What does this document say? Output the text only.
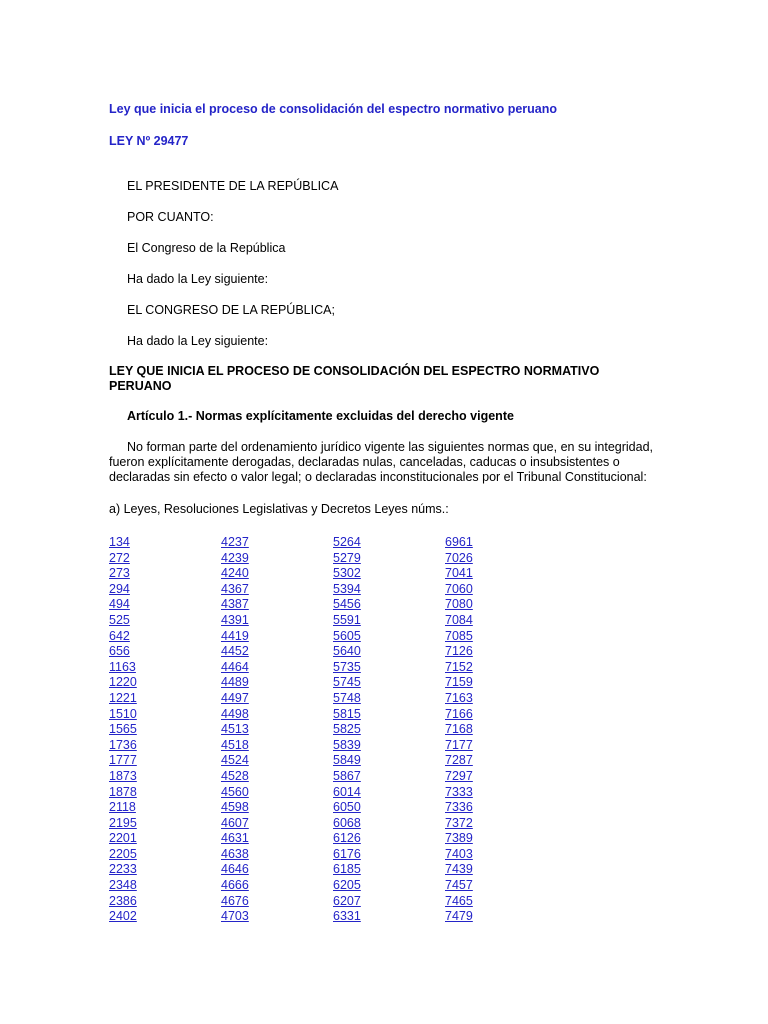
Ley que inicia el proceso de consolidación del espectro normativo peruano
LEY Nº 29477
EL PRESIDENTE DE LA REPÚBLICA
POR CUANTO:
El Congreso de la República
Ha dado la Ley siguiente:
EL CONGRESO DE LA REPÚBLICA;
Ha dado la Ley siguiente:
LEY QUE INICIA EL PROCESO DE CONSOLIDACIÓN DEL ESPECTRO NORMATIVO PERUANO
Artículo 1.- Normas explícitamente excluidas del derecho vigente
No forman parte del ordenamiento jurídico vigente las siguientes normas que, en su integridad, fueron explícitamente derogadas, declaradas nulas, canceladas, caducas o insubsistentes o declaradas sin efecto o valor legal; o declaradas inconstitucionales por el Tribunal Constitucional:
a) Leyes, Resoluciones Legislativas y Decretos Leyes núms.:
134	4237	5264	6961
272	4239	5279	7026
273	4240	5302	7041
294	4367	5394	7060
494	4387	5456	7080
525	4391	5591	7084
642	4419	5605	7085
656	4452	5640	7126
1163	4464	5735	7152
1220	4489	5745	7159
1221	4497	5748	7163
1510	4498	5815	7166
1565	4513	5825	7168
1736	4518	5839	7177
1777	4524	5849	7287
1873	4528	5867	7297
1878	4560	6014	7333
2118	4598	6050	7336
2195	4607	6068	7372
2201	4631	6126	7389
2205	4638	6176	7403
2233	4646	6185	7439
2348	4666	6205	7457
2386	4676	6207	7465
2402	4703	6331	7479
